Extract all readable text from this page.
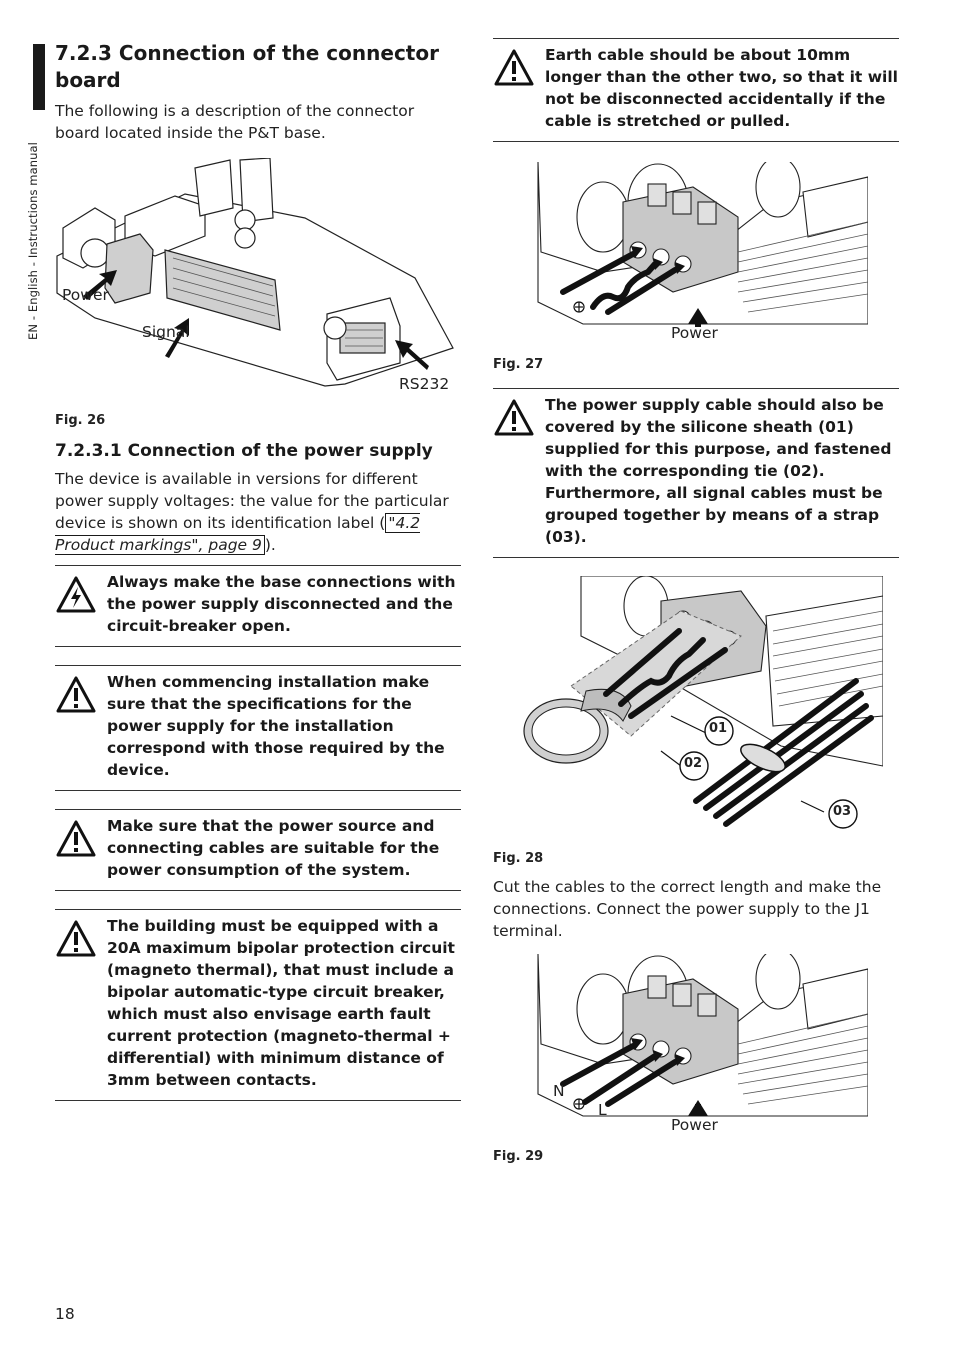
EN - English - Instructions manual
7.2.3 Connection of the connector board

The following is a description of the connector board located inside the P&T base.

Power
Signal
RS232
Fig. 26
7.2.3.1 Connection of the power supply

The device is available in versions for different power supply voltages: the value for the particular device is shown on its identification label ( "4.2 Product markings", page 9 ).

Always make the base connections with the power supply disconnected and the circuit-breaker open.
When commencing installation make sure that the specifications for the power supply for the installation correspond with those required by the device.
Make sure that the power source and connecting cables are suitable for the power consumption of the system.
The building must be equipped with a 20A maximum bipolar protection circuit (magneto thermal), that must include a bipolar automatic-type circuit breaker, which must also envisage earth fault current protection (magneto-thermal + differential) with minimum distance of 3mm between contacts.
Earth cable should be about 10mm longer than the other two, so that it will not be disconnected accidentally if the cable is stretched or pulled.
Power
Fig. 27
The power supply cable should also be covered by the silicone sheath (01) supplied for this purpose, and fastened with the corresponding tie (02). Furthermore, all signal cables must be grouped together by means of a strap (03).
01
02
03
Fig. 28

Cut the cables to the correct length and make the connections. Connect the power supply to the J1 terminal.

N
L
Power
Fig. 29
18
